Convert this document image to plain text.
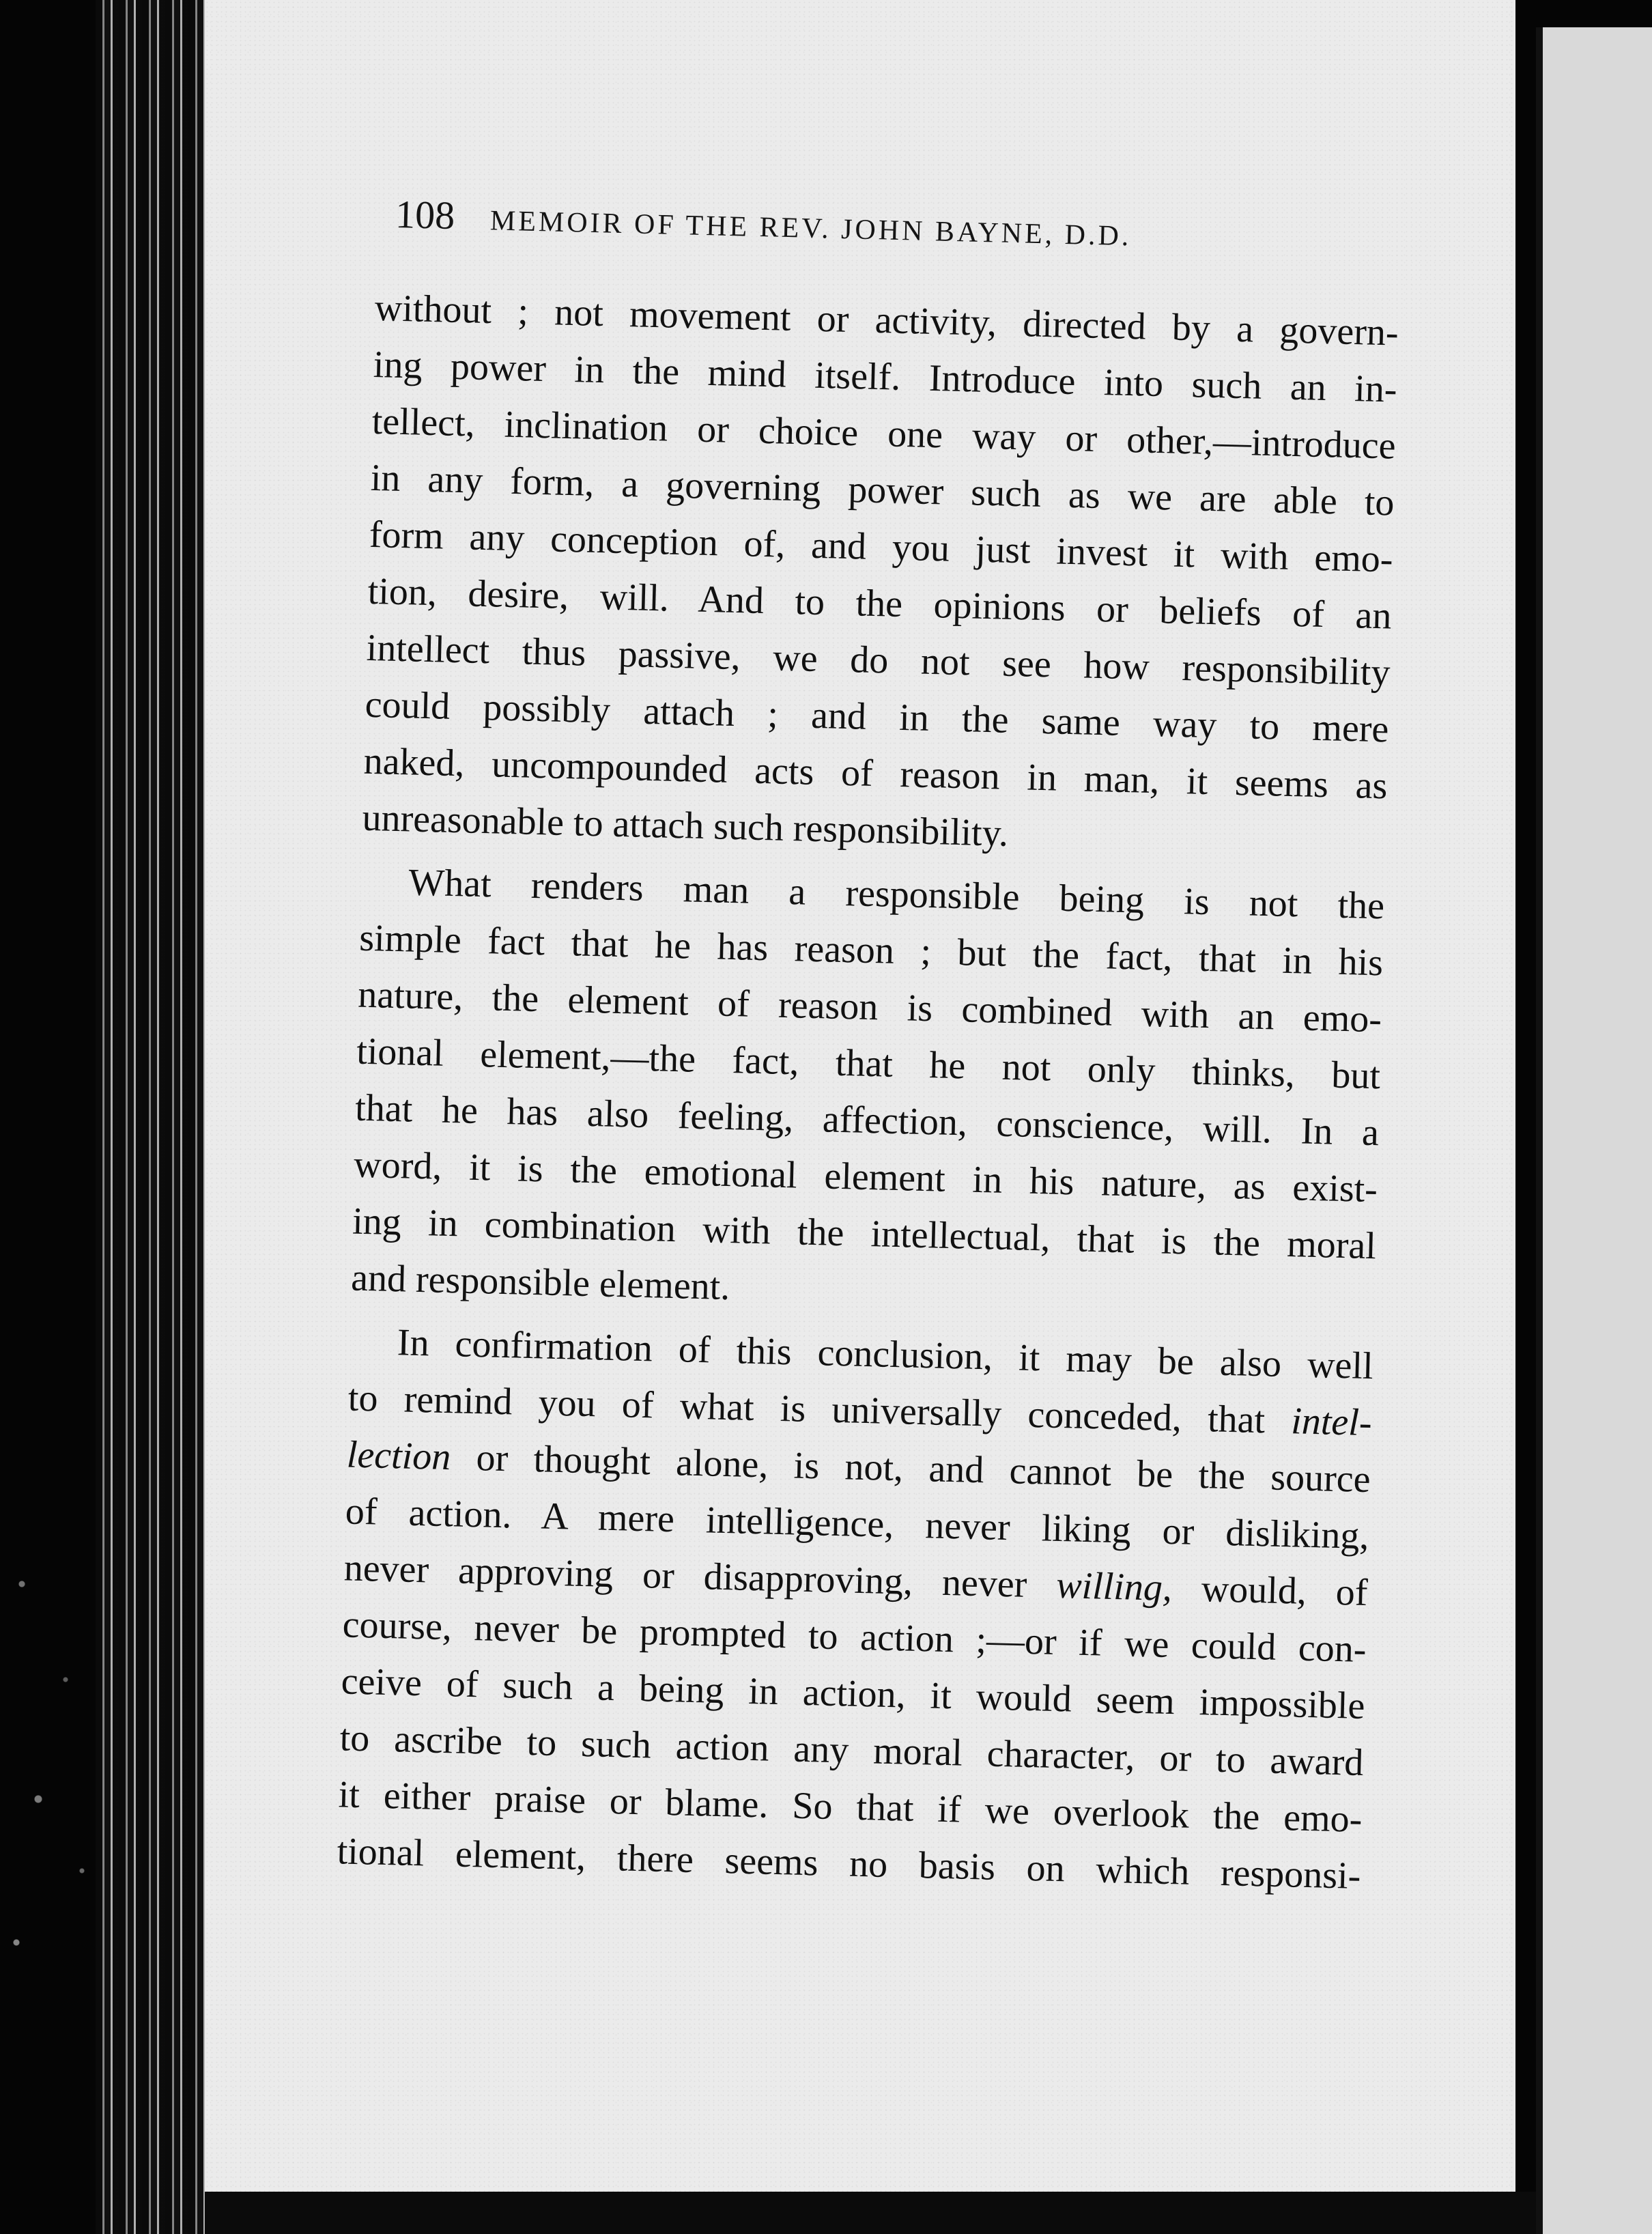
108 MEMOIR OF THE REV. JOHN BAYNE, D.D.
without ; not movement or activity, directed by a govern-
ing power in the mind itself. Introduce into such an in-
tellect, inclination or choice one way or other,—introduce
in any form, a governing power such as we are able to
form any conception of, and you just invest it with emo-
tion, desire, will. And to the opinions or beliefs of an
intellect thus passive, we do not see how responsibility
could possibly attach ; and in the same way to mere
naked, uncompounded acts of reason in man, it seems as
unreasonable to attach such responsibility.
What renders man a responsible being is not the
simple fact that he has reason ; but the fact, that in his
nature, the element of reason is combined with an emo-
tional element,—the fact, that he not only thinks, but
that he has also feeling, affection, conscience, will. In a
word, it is the emotional element in his nature, as exist-
ing in combination with the intellectual, that is the moral
and responsible element.
In confirmation of this conclusion, it may be also well
to remind you of what is universally conceded, that intel-
lection or thought alone, is not, and cannot be the source
of action. A mere intelligence, never liking or disliking,
never approving or disapproving, never willing, would, of
course, never be prompted to action ;—or if we could con-
ceive of such a being in action, it would seem impossible
to ascribe to such action any moral character, or to award
it either praise or blame. So that if we overlook the emo-
tional element, there seems no basis on which responsi-
